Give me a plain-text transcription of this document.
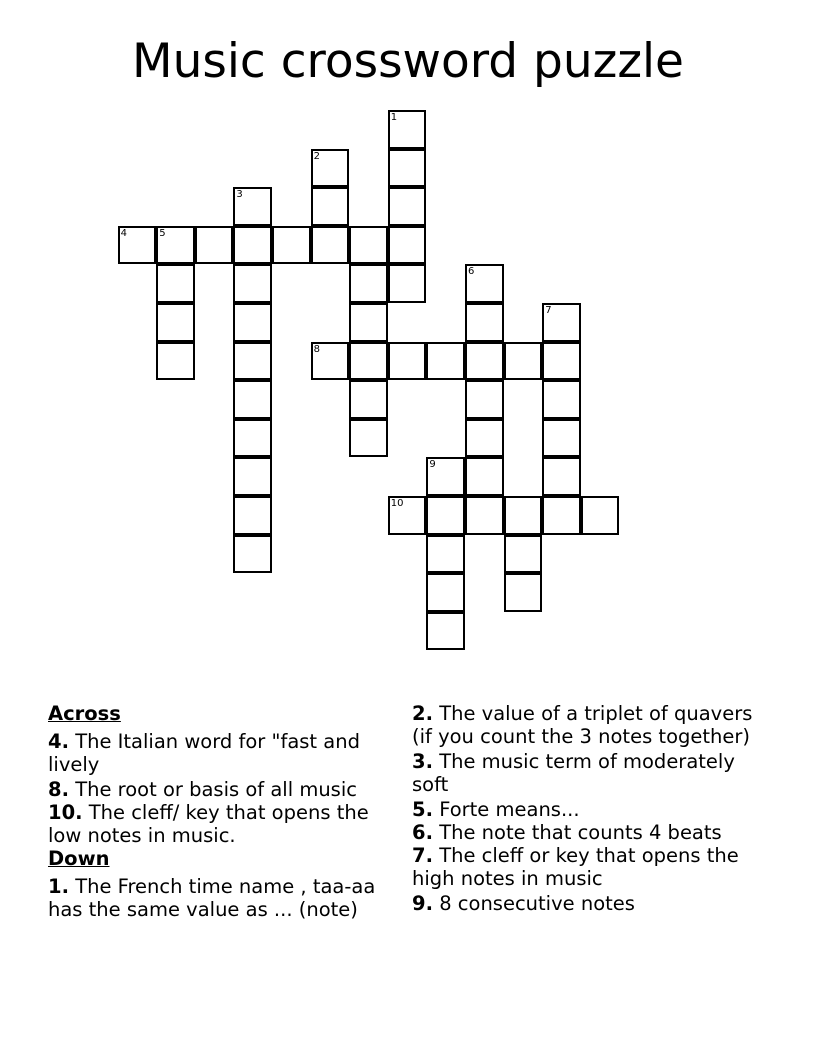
Music crossword puzzle
1
2
3
4	5
6
7
8
9
10

Across

4. The Italian word for "fast and lively

8. The root or basis of all music

10. The cleff/ key that opens the low notes in music.

Down

1. The French time name , taa-aa has the same value as ... (note)

2. The value of a triplet of quavers (if you count the 3 notes together)

3. The music term of moderately soft

5. Forte means...

6. The note that counts 4 beats

7. The cleff or key that opens the high notes in music

9. 8 consecutive notes
